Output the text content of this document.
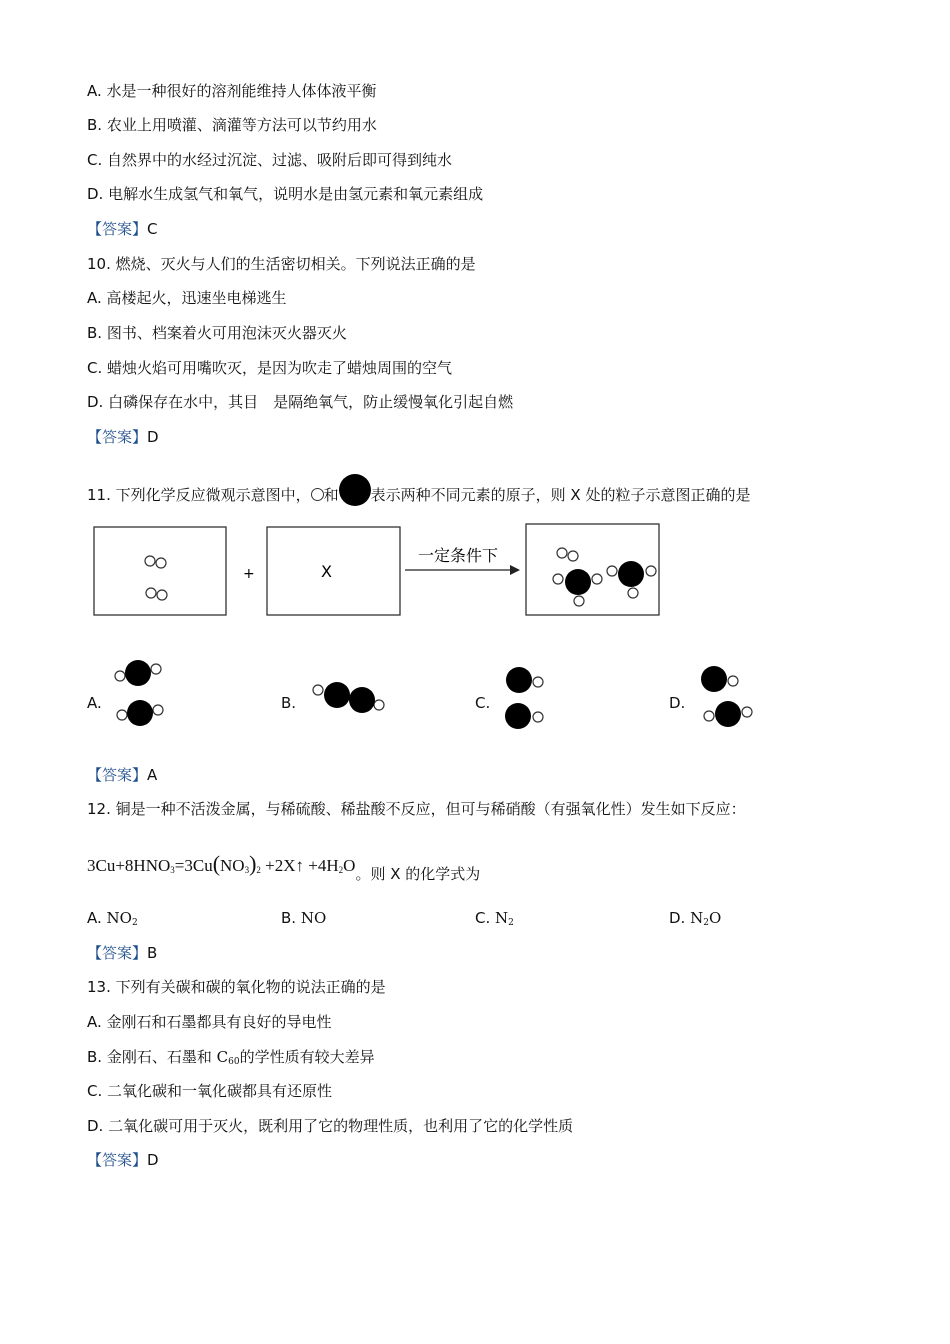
A. 水是一种很好的溶剂能维持人体体液平衡
B. 农业上用喷灌、滴灌等方法可以节约用水
C. 自然界中的水经过沉淀、过滤、吸附后即可得到纯水
D. 电解水生成氢气和氧气，说明水是由氢元素和氧元素组成
【答案】C
10. 燃烧、灭火与人们的生活密切相关。下列说法正确的是
A. 高楼起火，迅速坐电梯逃生
B. 图书、档案着火可用泡沫灭火器灭火
C. 蜡烛火焰可用嘴吹灭，是因为吹走了蜡烛周围的空气
D. 白磷保存在水中，其目　是隔绝氧气，防止缓慢氧化引起自燃
【答案】D
11. 下列化学反应微观示意图中， 和 表示两种不同元素的原子，则 X 处的粒子示意图正确的是
+	X
一定条件下
A.	B.	C.	D.
【答案】A
12. 铜是一种不活泼金属，与稀硫酸、稀盐酸不反应，但可与稀硝酸（有强氧化性）发生如下反应：
$3Cu+8HNO_3=3Cu(NO_3)_2$ +2X↑ $+4H_2O$。则 X 的化学式为
A. $NO_2$	B. NO	C. $N_2$	D. $N_2O$
【答案】B
13. 下列有关碳和碳的氧化物的说法正确的是
A. 金刚石和石墨都具有良好的导电性
B. 金刚石、石墨和 $C_{60}$的学性质有较大差异
C. 二氧化碳和一氧化碳都具有还原性
D. 二氧化碳可用于灭火，既利用了它的物理性质，也利用了它的化学性质
【答案】D
